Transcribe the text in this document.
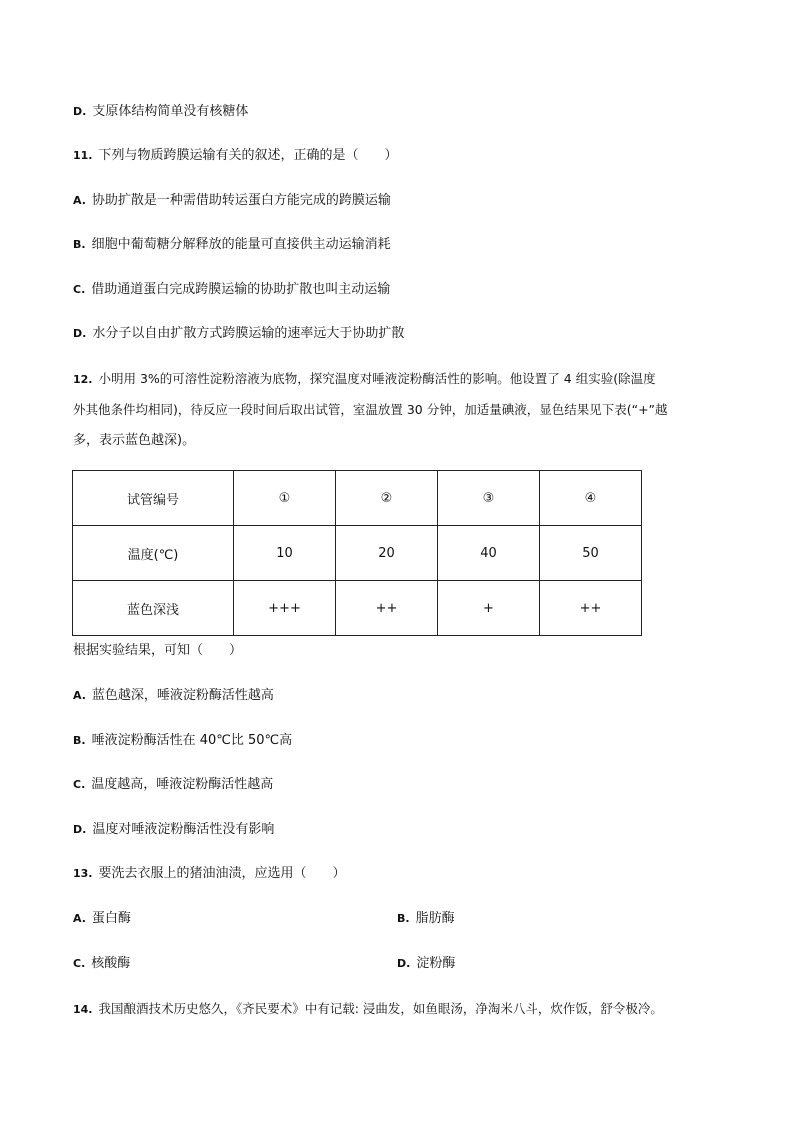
D. 支原体结构简单没有核糖体
11. 下列与物质跨膜运输有关的叙述，正确的是（　　）
A. 协助扩散是一种需借助转运蛋白方能完成的跨膜运输
B. 细胞中葡萄糖分解释放的能量可直接供主动运输消耗
C. 借助通道蛋白完成跨膜运输的协助扩散也叫主动运输
D. 水分子以自由扩散方式跨膜运输的速率远大于协助扩散
12. 小明用 3%的可溶性淀粉溶液为底物，探究温度对唾液淀粉酶活性的影响。他设置了 4 组实验(除温度
外其他条件均相同)，待反应一段时间后取出试管，室温放置 30 分钟，加适量碘液，显色结果见下表(“+”越
多，表示蓝色越深)。
试管编号	①	②	③	④
温度(℃)	10	20	40	50
蓝色深浅	+++	++	+	++
根据实验结果，可知（　　）
A. 蓝色越深，唾液淀粉酶活性越高
B. 唾液淀粉酶活性在 40℃比 50℃高
C. 温度越高，唾液淀粉酶活性越高
D. 温度对唾液淀粉酶活性没有影响
13. 要洗去衣服上的猪油油渍，应选用（　　）
A. 蛋白酶	B. 脂肪酶
C. 核酸酶	D. 淀粉酶
14. 我国酿酒技术历史悠久，《齐民要术》中有记载: 浸曲发，如鱼眼汤，净淘米八斗，炊作饭，舒令极冷。
